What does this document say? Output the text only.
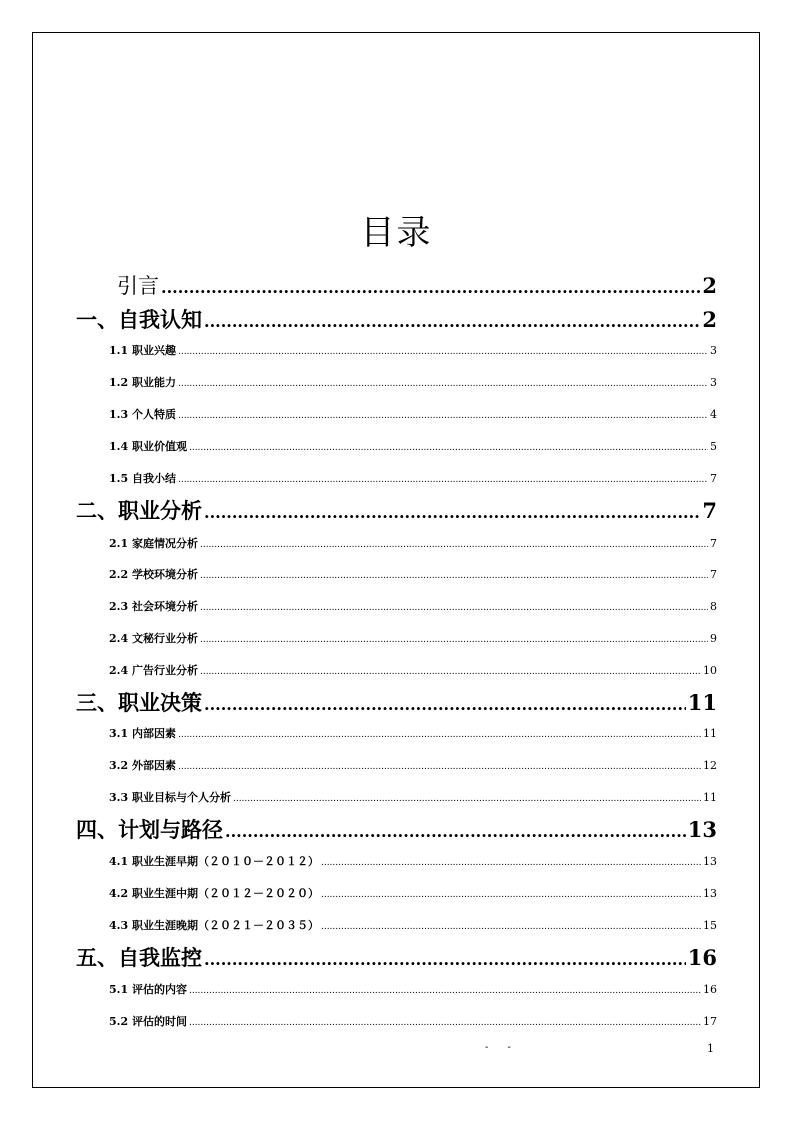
目录
引言 .....	2
一、自我认知 .....	2
1.1 职业兴趣 .....	3
1.2 职业能力 .....	3
1.3 个人特质 .....	4
1.4 职业价值观 .....	5
1.5 自我小结 .....	7
二、职业分析 .....	7
2.1 家庭情况分析 .....	7
2.2 学校环境分析 .....	7
2.3 社会环境分析 .....	8
2.4 文秘行业分析 .....	9
2.4 广告行业分析 .....	10
三、职业决策 .....	11
3.1 内部因素 .....	11
3.2 外部因素 .....	12
3.3 职业目标与个人分析 .....	11
四、计划与路径 .....	13
4.1 职业生涯早期（２０１０－２０１２） .....	13
4.2 职业生涯中期（２０１２－２０２０） .....	13
4.3 职业生涯晚期（２０２１－２０３５） .....	15
五、自我监控 .....	16
5.1 评估的内容 .....	16
5.2 评估的时间 .....	17
- -	1
